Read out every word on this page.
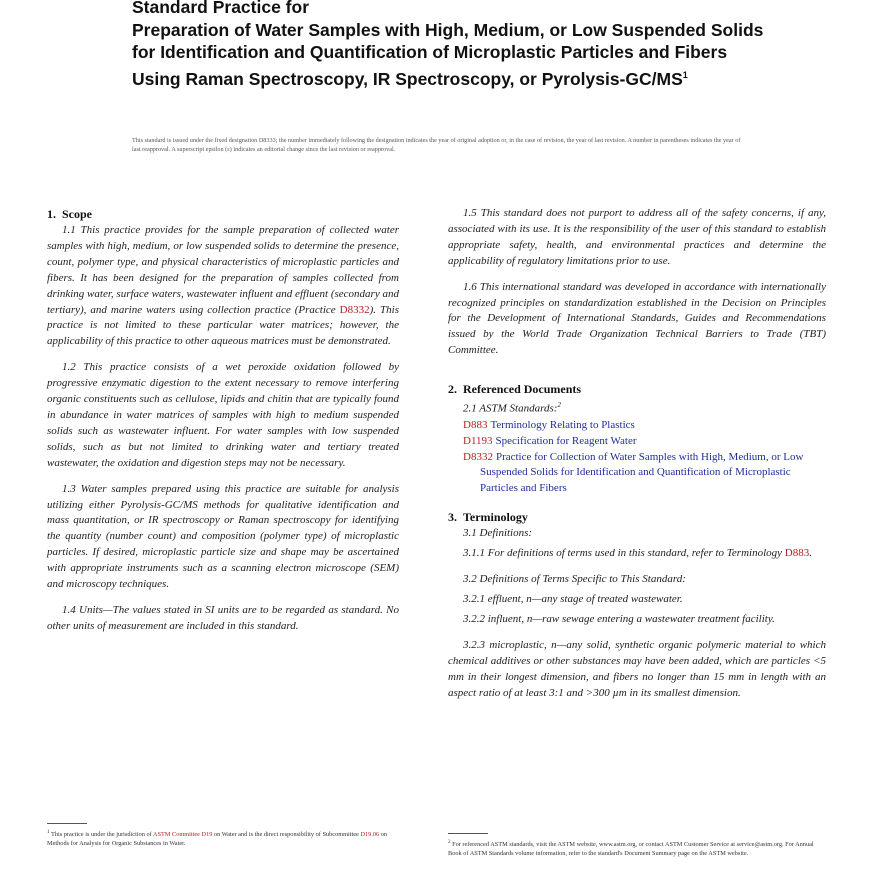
Standard Practice for
Preparation of Water Samples with High, Medium, or Low Suspended Solids for Identification and Quantification of Microplastic Particles and Fibers Using Raman Spectroscopy, IR Spectroscopy, or Pyrolysis-$GC/MS^1$
This standard is issued under the fixed designation D8333; the number immediately following the designation indicates the year of original adoption or, in the case of revision, the year of last revision. A number in parentheses indicates the year of last reapproval. A superscript epsilon (ε) indicates an editorial change since the last revision or reapproval.
1. Scope

1.1 This practice provides for the sample preparation of collected water samples with high, medium, or low suspended solids to determine the presence, count, polymer type, and physical characteristics of microplastic particles and fibers. It has been designed for the preparation of samples collected from drinking water, surface waters, wastewater influent and effluent (secondary and tertiary), and marine waters using collection practice (Practice D8332). This practice is not limited to these particular water matrices; however, the applicability of this practice to other aqueous matrices must be demonstrated.

1.2 This practice consists of a wet peroxide oxidation followed by progressive enzymatic digestion to the extent necessary to remove interfering organic constituents such as cellulose, lipids and chitin that are typically found in abundance in water matrices of samples with high to medium suspended solids such as wastewater influent. For water samples with low suspended solids, such as but not limited to drinking water and tertiary treated wastewater, the oxidation and digestion steps may not be necessary.

1.3 Water samples prepared using this practice are suitable for analysis utilizing either Pyrolysis-GC/MS methods for qualitative identification and mass quantitation, or IR spectroscopy or Raman spectroscopy for identifying the quantity (number count) and composition (polymer type) of microplastic particles. If desired, microplastic particle size and shape may be ascertained with appropriate instruments such as a scanning electron microscope (SEM) and microscopy techniques.

1.4 Units—The values stated in SI units are to be regarded as standard. No other units of measurement are included in this standard.

1.5 This standard does not purport to address all of the safety concerns, if any, associated with its use. It is the responsibility of the user of this standard to establish appropriate safety, health, and environmental practices and determine the applicability of regulatory limitations prior to use.

1.6 This international standard was developed in accordance with internationally recognized principles on standardization established in the Decision on Principles for the Development of International Standards, Guides and Recommendations issued by the World Trade Organization Technical Barriers to Trade (TBT) Committee.

2. Referenced Documents

2.1 ASTM Standards:$^2$

D883 Terminology Relating to Plastics
D1193 Specification for Reagent Water
D8332 Practice for Collection of Water Samples with High, Medium, or Low Suspended Solids for Identification and Quantification of Microplastic Particles and Fibers
3. Terminology

3.1 Definitions:

3.1.1 For definitions of terms used in this standard, refer to Terminology D883.

3.2 Definitions of Terms Specific to This Standard:

3.2.1 effluent, n—any stage of treated wastewater.

3.2.2 influent, n—raw sewage entering a wastewater treatment facility.

3.2.3 microplastic, n—any solid, synthetic organic polymeric material to which chemical additives or other substances may have been added, which are particles <5 mm in their longest dimension, and fibers no longer than 15 mm in length with an aspect ratio of at least 3:1 and >300 µm in its smallest dimension.

$^1$ This practice is under the jurisdiction of ASTM Committee D19 on Water and is the direct responsibility of Subcommittee D19.06 on Methods for Analysis for Organic Substances in Water.	$^2$ For referenced ASTM standards, visit the ASTM website, www.astm.org, or contact ASTM Customer Service at service@astm.org. For Annual Book of ASTM Standards volume information, refer to the standard's Document Summary page on the ASTM website.
